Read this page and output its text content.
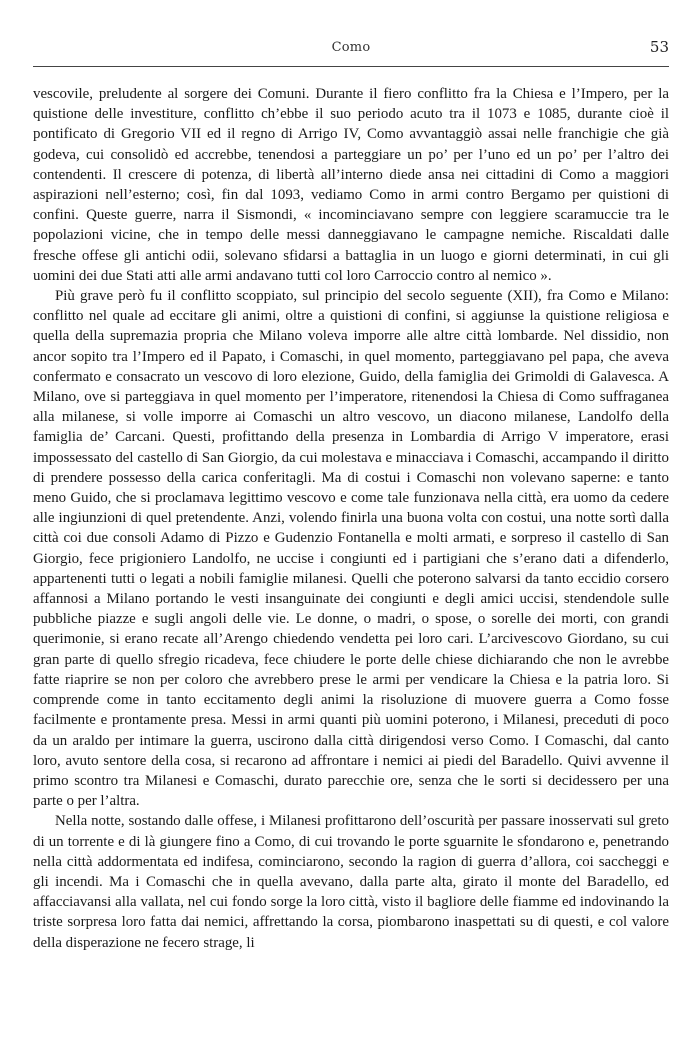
Como	53

vescovile, preludente al sorgere dei Comuni. Durante il fiero conflitto fra la Chiesa e l’Impero, per la quistione delle investiture, conflitto ch’ebbe il suo periodo acuto tra il 1073 e 1085, durante cioè il pontificato di Gregorio VII ed il regno di Arrigo IV, Como avvantaggiò assai nelle franchigie che già godeva, cui consolidò ed accrebbe, tenendosi a parteggiare un po’ per l’uno ed un po’ per l’altro dei contendenti. Il crescere di potenza, di libertà all’interno diede ansa nei cittadini di Como a maggiori aspirazioni nell’esterno; così, fin dal 1093, vediamo Como in armi contro Bergamo per quistioni di confini. Queste guerre, narra il Sismondi, « incominciavano sempre con leggiere scaramuccie tra le popolazioni vicine, che in tempo delle messi danneggiavano le campagne nemiche. Riscaldati dalle fresche offese gli antichi odii, solevano sfidarsi a battaglia in un luogo e giorni determinati, in cui gli uomini dei due Stati atti alle armi andavano tutti col loro Carroccio contro al nemico ».

Più grave però fu il conflitto scoppiato, sul principio del secolo seguente (XII), fra Como e Milano: conflitto nel quale ad eccitare gli animi, oltre a quistioni di confini, si aggiunse la quistione religiosa e quella della supremazia propria che Milano voleva imporre alle altre città lombarde. Nel dissidio, non ancor sopito tra l’Impero ed il Papato, i Comaschi, in quel momento, parteggiavano pel papa, che aveva confermato e consacrato un vescovo di loro elezione, Guido, della famiglia dei Grimoldi di Galavesca. A Milano, ove si parteggiava in quel momento per l’imperatore, ritenendosi la Chiesa di Como suffraganea alla milanese, si volle imporre ai Comaschi un altro vescovo, un diacono milanese, Landolfo della famiglia de’ Carcani. Questi, profittando della presenza in Lombardia di Arrigo V imperatore, erasi impossessato del castello di San Giorgio, da cui molestava e minacciava i Comaschi, accampando il diritto di prendere possesso della carica conferitagli. Ma di costui i Comaschi non volevano saperne: e tanto meno Guido, che si proclamava legittimo vescovo e come tale funzionava nella città, era uomo da cedere alle ingiunzioni di quel pretendente. Anzi, volendo finirla una buona volta con costui, una notte sortì dalla città coi due consoli Adamo di Pizzo e Gudenzio Fontanella e molti armati, e sorpreso il castello di San Giorgio, fece prigioniero Landolfo, ne uccise i congiunti ed i partigiani che s’erano dati a difenderlo, appartenenti tutti o legati a nobili famiglie milanesi. Quelli che poterono salvarsi da tanto eccidio corsero affannosi a Milano portando le vesti insanguinate dei congiunti e degli amici uccisi, stendendole sulle pubbliche piazze e sugli angoli delle vie. Le donne, o madri, o spose, o sorelle dei morti, con grandi querimonie, si erano recate all’Arengo chiedendo vendetta pei loro cari. L’arcivescovo Giordano, su cui gran parte di quello sfregio ricadeva, fece chiudere le porte delle chiese dichiarando che non le avrebbe fatte riaprire se non per coloro che avrebbero prese le armi per vendicare la Chiesa e la patria loro. Si comprende come in tanto eccitamento degli animi la risoluzione di muovere guerra a Como fosse facilmente e prontamente presa. Messi in armi quanti più uomini poterono, i Milanesi, preceduti di poco da un araldo per intimare la guerra, uscirono dalla città dirigendosi verso Como. I Comaschi, dal canto loro, avuto sentore della cosa, si recarono ad affrontare i nemici ai piedi del Baradello. Quivi avvenne il primo scontro tra Milanesi e Comaschi, durato parecchie ore, senza che le sorti si decidessero per una parte o per l’altra.

Nella notte, sostando dalle offese, i Milanesi profittarono dell’oscurità per passare inosservati sul greto di un torrente e di là giungere fino a Como, di cui trovando le porte sguarnite le sfondarono e, penetrando nella città addormentata ed indifesa, cominciarono, secondo la ragion di guerra d’allora, coi saccheggi e gli incendi. Ma i Comaschi che in quella avevano, dalla parte alta, girato il monte del Baradello, ed affacciavansi alla vallata, nel cui fondo sorge la loro città, visto il bagliore delle fiamme ed indovinando la triste sorpresa loro fatta dai nemici, affrettando la corsa, piombarono inaspettati su di questi, e col valore della disperazione ne fecero strage, li
